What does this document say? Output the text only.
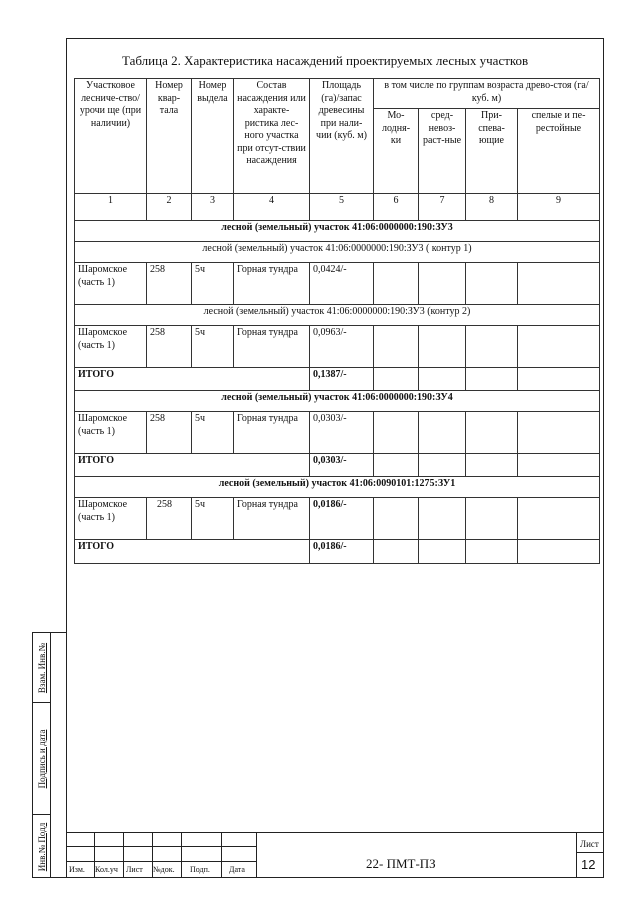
Таблица 2. Характеристика насаждений проектируемых лесных участков
Участковое лесниче-ство/урочи ще (при наличии)	Номер квар-тала	Номер выдела	Состав насаждения или характе-ристика лес-ного участка при отсут-ствии насаждения	Площадь (га)/запас древесины при нали-чии (куб. м)	в том числе по группам возраста древо-стоя (га/куб. м)			
					Мо-лодня-ки	сред-невоз-раст-ные	При-спева-ющие	спелые и пе-рестойные
1	2	3	4	5	6	7	8	9
лесной (земельный) участок 41:06:0000000:190:ЗУ3								
лесной (земельный) участок 41:06:0000000:190:ЗУ3 ( контур 1)								
Шаромское (часть 1)	258	5ч	Горная тундра	0,0424/-				
лесной (земельный) участок 41:06:0000000:190:ЗУ3 (контур 2)								
Шаромское (часть 1)	258	5ч	Горная тундра	0,0963/-				
ИТОГО				0,1387/-				
лесной (земельный) участок 41:06:0000000:190:ЗУ4								
Шаромское (часть 1)	258	5ч	Горная тундра	0,0303/-				
ИТОГО				0,0303/-				
лесной (земельный) участок 41:06:0090101:1275:ЗУ1								
Шаромское (часть 1)	258	5ч	Горная тундра	0,0186/-				
ИТОГО				0,0186/-				
Взам. Инв.№
Подпись и дата
Инв.№ Подл	Изм. Кол.уч Лист №док. Подп. Дата	22- ПМТ-ПЗ
Лист
12
